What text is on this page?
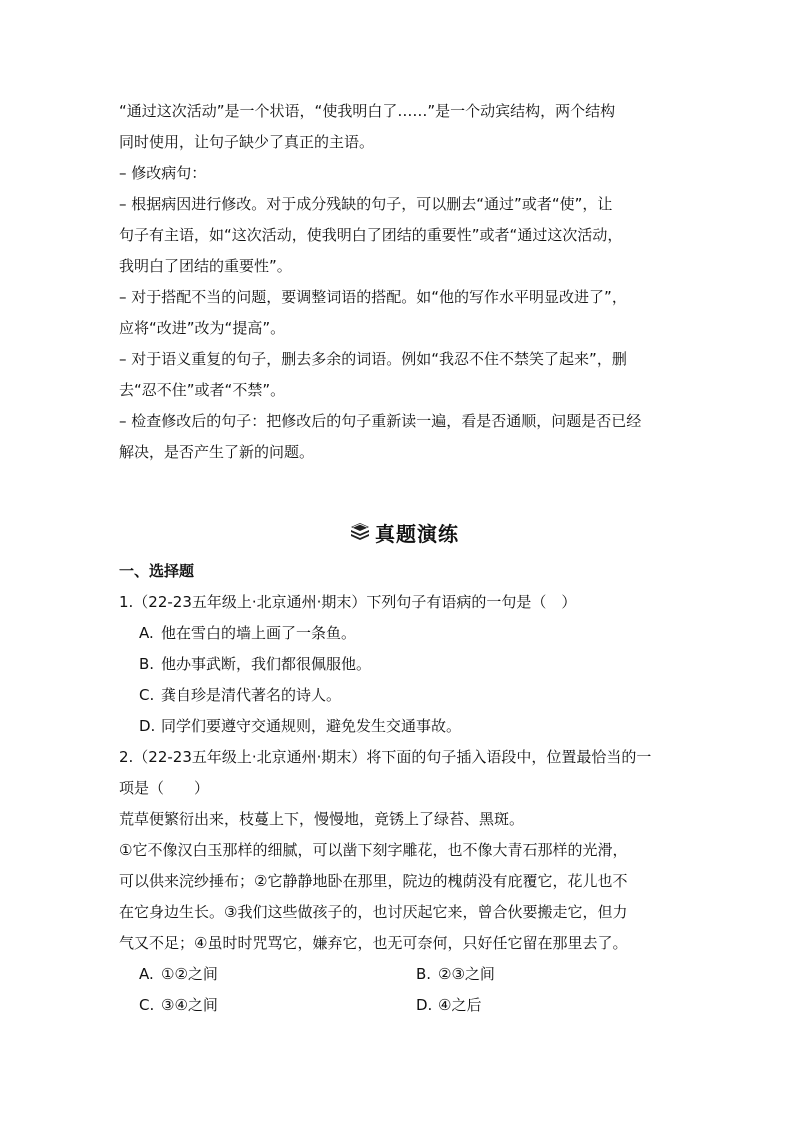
“通过这次活动”是一个状语，“使我明白了……”是一个动宾结构，两个结构

同时使用，让句子缺少了真正的主语。

– 修改病句：

– 根据病因进行修改。对于成分残缺的句子，可以删去“通过”或者“使”，让

句子有主语，如“这次活动，使我明白了团结的重要性”或者“通过这次活动，

我明白了团结的重要性”。

– 对于搭配不当的问题，要调整词语的搭配。如“他的写作水平明显改进了”，

应将“改进”改为“提高”。

– 对于语义重复的句子，删去多余的词语。例如“我忍不住不禁笑了起来”，删

去“忍不住”或者“不禁”。

– 检查修改后的句子：把修改后的句子重新读一遍，看是否通顺，问题是否已经

解决，是否产生了新的问题。

真题演练
一、选择题
1.（22-23五年级上·北京通州·期末）下列句子有语病的一句是（　）
A. 他在雪白的墙上画了一条鱼。
B. 他办事武断，我们都很佩服他。
C. 龚自珍是清代著名的诗人。
D. 同学们要遵守交通规则，避免发生交通事故。
2.（22-23五年级上·北京通州·期末）将下面的句子插入语段中，位置最恰当的一
项是（　　）
荒草便繁衍出来，枝蔓上下，慢慢地，竟锈上了绿苔、黑斑。
①它不像汉白玉那样的细腻，可以凿下刻字雕花，也不像大青石那样的光滑，
可以供来浣纱捶布；②它静静地卧在那里，院边的槐荫没有庇覆它，花儿也不
在它身边生长。③我们这些做孩子的，也讨厌起它来，曾合伙要搬走它，但力
气又不足；④虽时时咒骂它，嫌弃它，也无可奈何，只好任它留在那里去了。
A. ①②之间	B. ②③之间
C. ③④之间	D. ④之后
